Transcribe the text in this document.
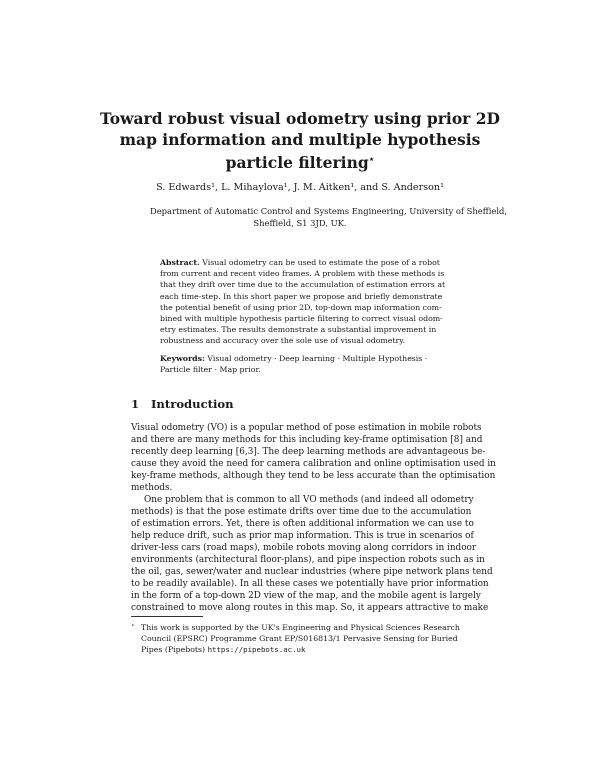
Toward robust visual odometry using prior 2D
map information and multiple hypothesis
particle filtering⋆
S. Edwards¹, L. Mihaylova¹, J. M. Aitken¹, and S. Anderson¹
Department of Automatic Control and Systems Engineering, University of Sheffield,
Sheffield, S1 3JD, UK.
Abstract. Visual odometry can be used to estimate the pose of a robot
from current and recent video frames. A problem with these methods is
that they drift over time due to the accumulation of estimation errors at
each time-step. In this short paper we propose and briefly demonstrate
the potential benefit of using prior 2D, top-down map information com-
bined with multiple hypothesis particle filtering to correct visual odom-
etry estimates. The results demonstrate a substantial improvement in
robustness and accuracy over the sole use of visual odometry.
Keywords: Visual odometry · Deep learning · Multiple Hypothesis ·
Particle filter · Map prior.
1 Introduction
Visual odometry (VO) is a popular method of pose estimation in mobile robots
and there are many methods for this including key-frame optimisation [8] and
recently deep learning [6,3]. The deep learning methods are advantageous be-
cause they avoid the need for camera calibration and online optimisation used in
key-frame methods, although they tend to be less accurate than the optimisation
methods.
One problem that is common to all VO methods (and indeed all odometry
methods) is that the pose estimate drifts over time due to the accumulation
of estimation errors. Yet, there is often additional information we can use to
help reduce drift, such as prior map information. This is true in scenarios of
driver-less cars (road maps), mobile robots moving along corridors in indoor
environments (architectural floor-plans), and pipe inspection robots such as in
the oil, gas, sewer/water and nuclear industries (where pipe network plans tend
to be readily available). In all these cases we potentially have prior information
in the form of a top-down 2D view of the map, and the mobile agent is largely
constrained to move along routes in this map. So, it appears attractive to make
⋆ This work is supported by the UK's Engineering and Physical Sciences Research
Council (EPSRC) Programme Grant EP/S016813/1 Pervasive Sensing for Buried
Pipes (Pipebots) https://pipebots.ac.uk
